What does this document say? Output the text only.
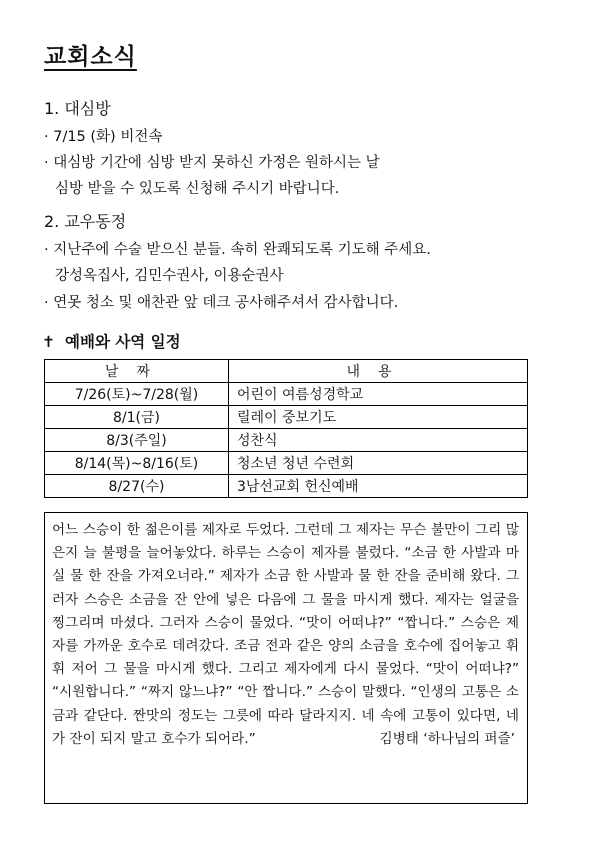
교회소식
1. 대심방
· 7/15 (화) 비전속
· 대심방 기간에 심방 받지 못하신 가정은 원하시는 날
심방 받을 수 있도록 신청해 주시기 바랍니다.
2. 교우동정
· 지난주에 수술 받으신 분들. 속히 완쾌되도록 기도해 주세요.
강성옥집사, 김민수권사, 이용순권사
· 연못 청소 및 애찬관 앞 데크 공사해주셔서 감사합니다.
✝ 예배와 사역 일정
날짜	내용
7/26(토)~7/28(월)	어린이 여름성경학교
8/1(금)	릴레이 중보기도
8/3(주일)	성찬식
8/14(목)~8/16(토)	청소년 청년 수련회
8/27(수)	3남선교회 헌신예배

어느 스승이 한 젊은이를 제자로 두었다. 그런데 그 제자는 무슨 불만이 그리 많은지 늘 불평을 늘어놓았다. 하루는 스승이 제자를 불렀다. “소금 한 사발과 마실 물 한 잔을 가져오너라.” 제자가 소금 한 사발과 물 한 잔을 준비해 왔다. 그러자 스승은 소금을 잔 안에 넣은 다음에 그 물을 마시게 했다. 제자는 얼굴을 찡그리며 마셨다. 그러자 스승이 물었다. “맛이 어떠냐?” “짭니다.” 스승은 제자를 가까운 호수로 데려갔다. 조금 전과 같은 양의 소금을 호수에 집어놓고 휘휘 저어 그 물을 마시게 했다. 그리고 제자에게 다시 물었다. “맛이 어떠냐?” “시원합니다.” “짜지 않느냐?” “안 짭니다.” 스승이 말했다. “인생의 고통은 소금과 같단다. 짠맛의 정도는 그릇에 따라 달라지지. 네 속에 고통이 있다면, 네가 잔이 되지 말고 호수가 되어라.”	김병태 ‘하나님의 퍼즐’
